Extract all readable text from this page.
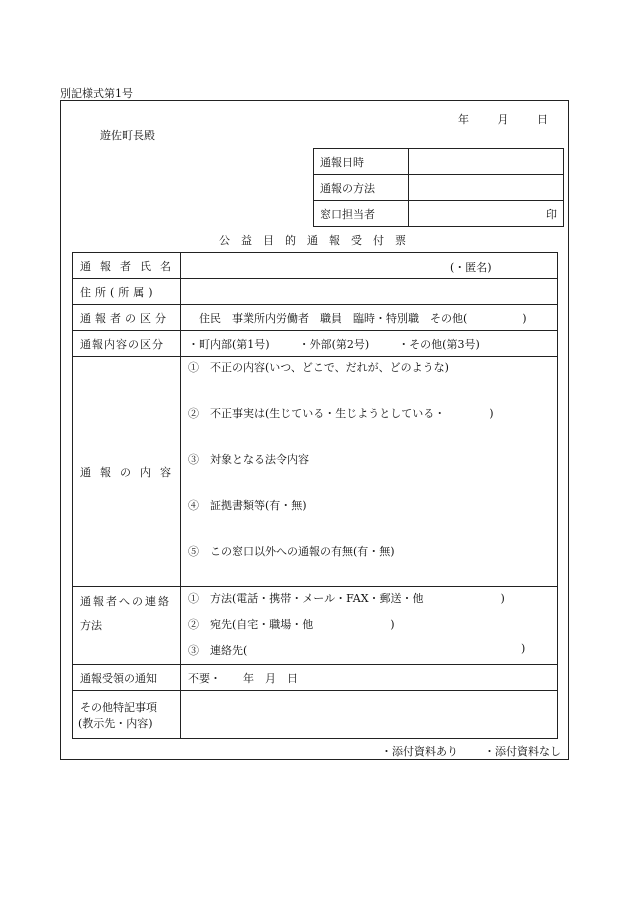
別記様式第1号
年	月	日
遊佐町長殿
通報日時	
通報の方法	
窓口担当者	印
公益目的通報受付票
通報者氏名	(・匿名)

住所(所属)	
通報者の区分	住民　事業所内労働者　職員　臨時・特別職　その他(　　　　　)
通報内容の区分	・町内部(第1号) ・外部(第2号) ・その他(第3号)
通報の内容	①　不正の内容(いつ、どこで、だれが、どのような)
②　不正事実は(生じている・生じようとしている・　　　　)
③　対象となる法令内容
④　証拠書類等(有・無)
⑤　この窓口以外への通報の有無(有・無)

通報者への連絡
方法	①　方法(電話・携帯・メール・FAX・郵送・他　　　　　　　)
②　宛先(自宅・職場・他　　　　　　　)
③　連絡先( )

通報受領の通知	不要・　　年　月　日

その他特記事項
(教示先・内容)	

・添付資料あり ・添付資料なし
